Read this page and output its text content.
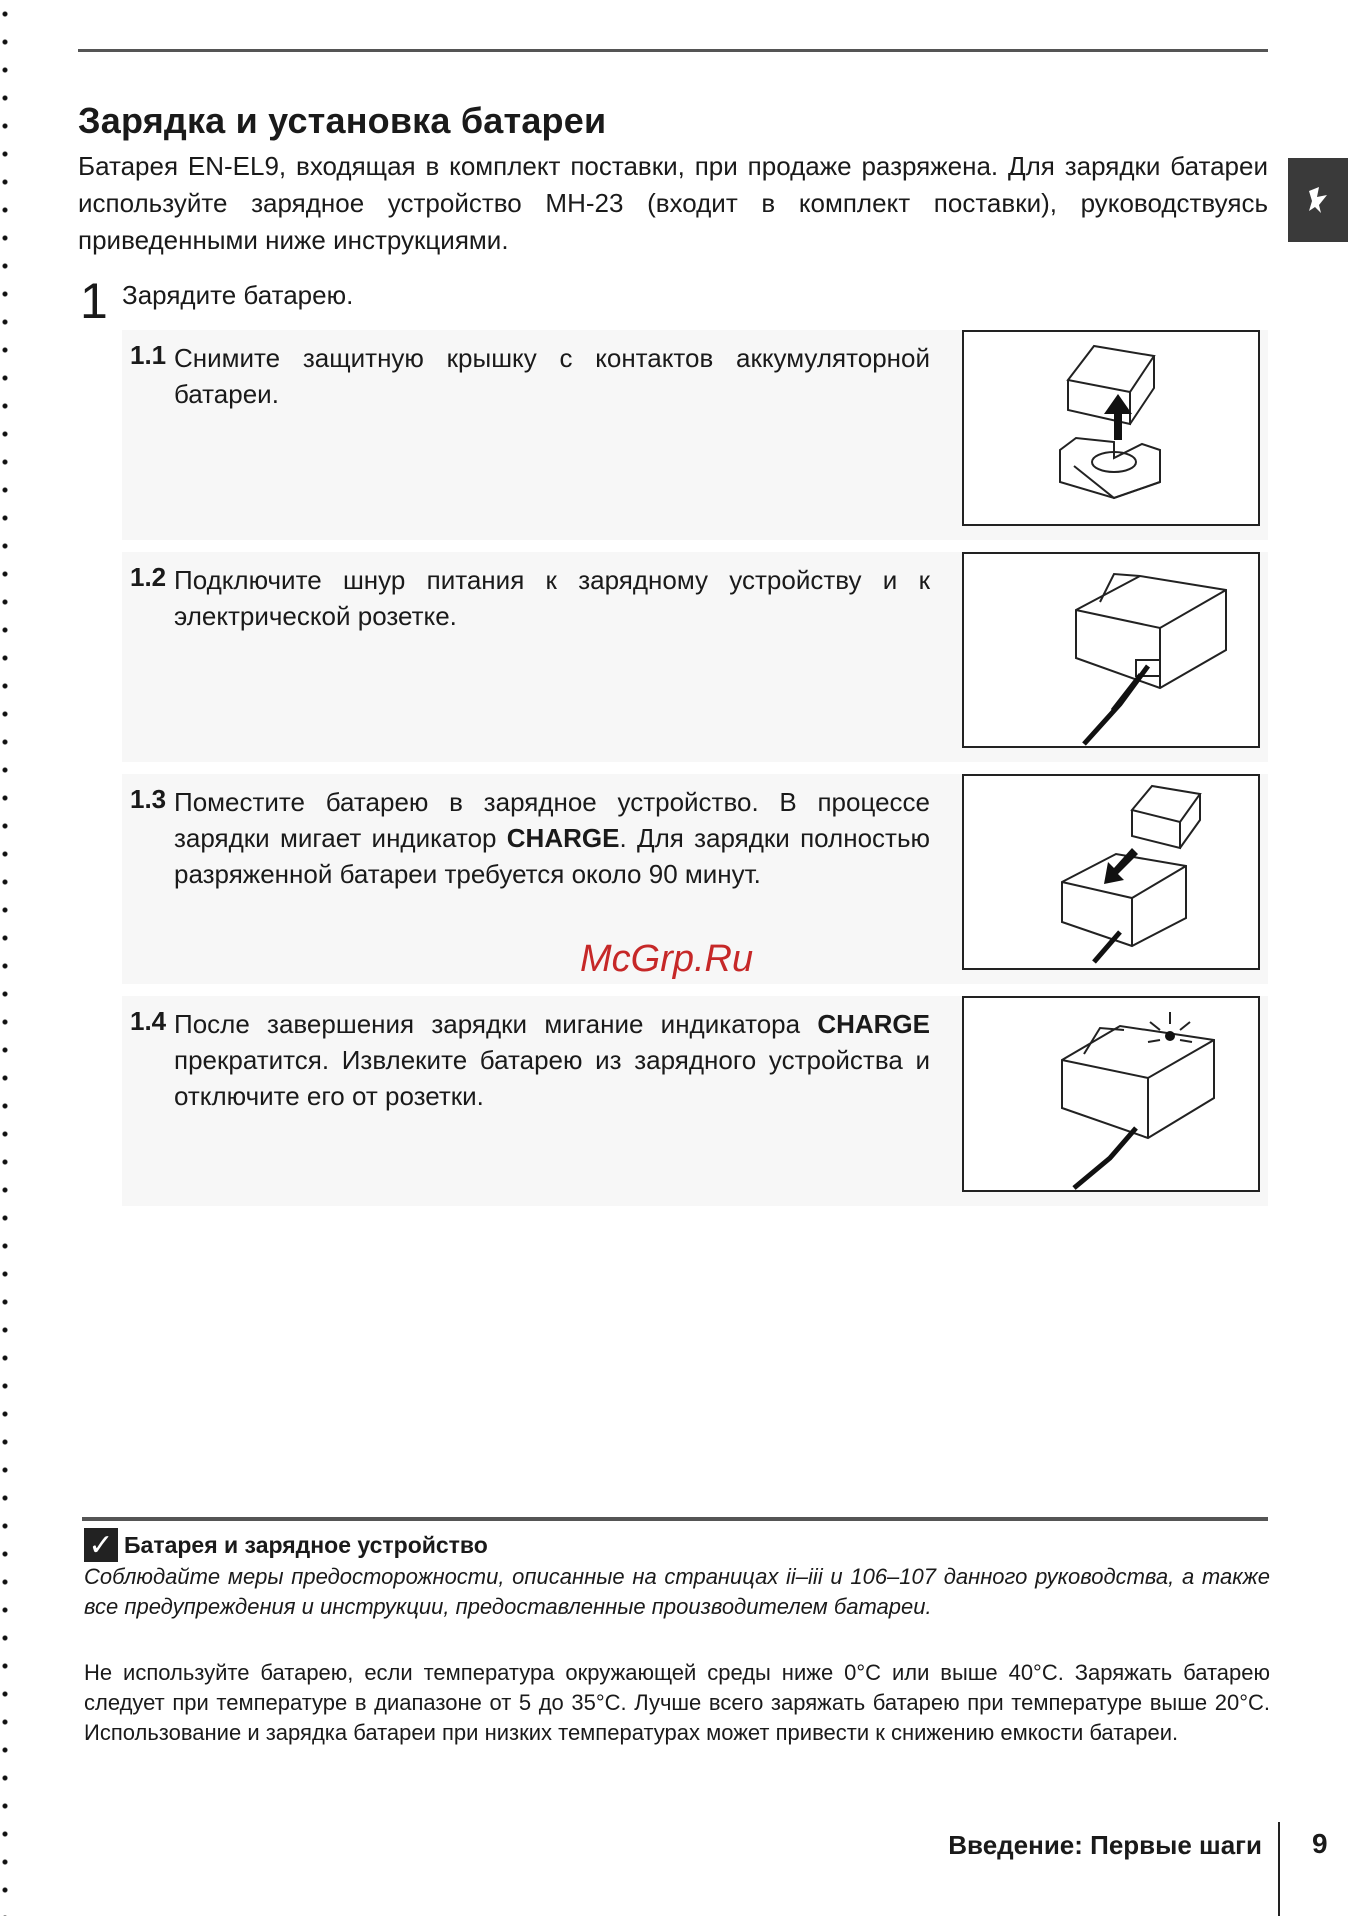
Зарядка и установка батареи
Батарея EN-EL9, входящая в комплект поставки, при продаже разряжена. Для зарядки батареи используйте зарядное устройство MH-23 (входит в комплект поставки), руководствуясь приведенными ниже инструкциями.
1 Зарядите батарею.
1.1 Снимите защитную крышку с контактов аккумуляторной батареи.
1.2 Подключите шнур питания к зарядному устройству и к электрической розетке.
1.3 Поместите батарею в зарядное устройство. В процессе зарядки мигает индикатор CHARGE. Для зарядки полностью разряженной батареи требуется около 90 минут.
1.4 После завершения зарядки мигание индикатора CHARGE прекратится. Извлеките батарею из зарядного устройства и отключите его от розетки.
McGrp.Ru
✓ Батарея и зарядное устройство
Соблюдайте меры предосторожности, описанные на страницах ii–iii и 106–107 данного руководства, а также все предупреждения и инструкции, предоставленные производителем батареи.
Не используйте батарею, если температура окружающей среды ниже 0°C или выше 40°C. Заряжать батарею следует при температуре в диапазоне от 5 до 35°C. Лучше всего заряжать батарею при температуре выше 20°C. Использование и зарядка батареи при низких температурах может привести к снижению емкости батареи.
Введение: Первые шаги 9
